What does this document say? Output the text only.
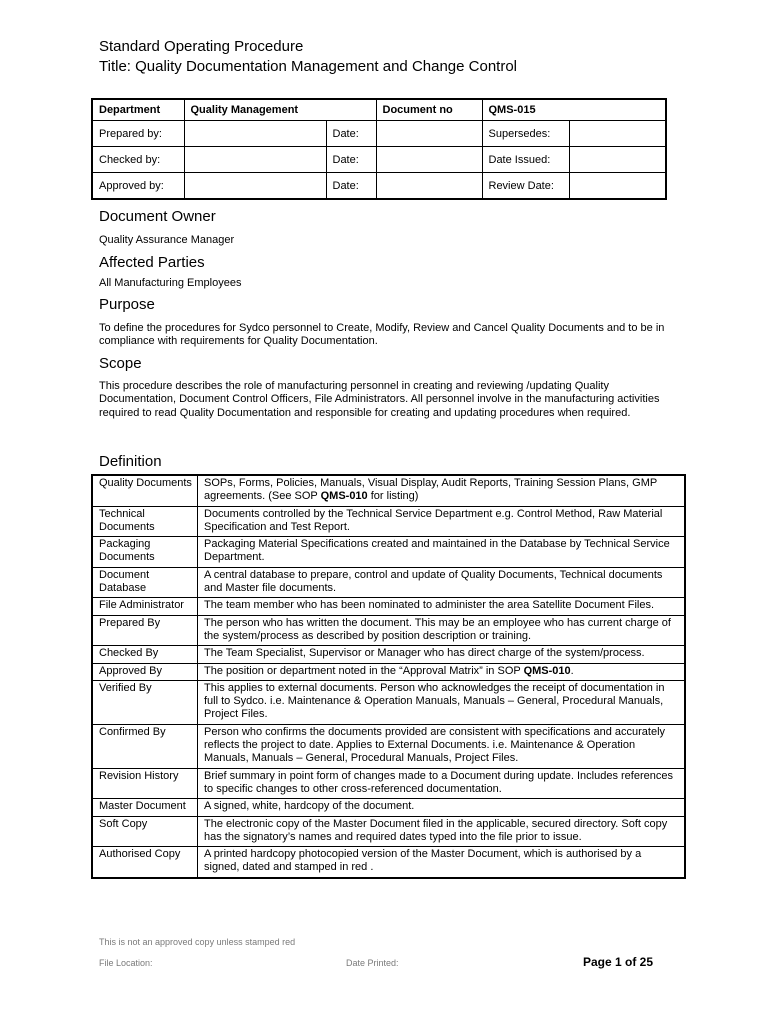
Standard Operating Procedure
Title: Quality Documentation Management and Change Control
Department	Quality Management		Document no	QMS-015	
Prepared by:		Date:		Supersedes:	
Checked by:		Date:		Date Issued:	
Approved by:		Date:		Review Date:	
Document Owner

Quality Assurance Manager

Affected Parties

All Manufacturing Employees

Purpose

To define the procedures for Sydco personnel to Create, Modify, Review and Cancel Quality Documents and to be in compliance with requirements for Quality Documentation.

Scope

This procedure describes the role of manufacturing personnel in creating and reviewing /updating Quality Documentation, Document Control Officers, File Administrators. All personnel involve in the manufacturing activities required to read Quality Documentation and responsible for creating and updating procedures when required.

Definition
Quality Documents	SOPs, Forms, Policies, Manuals, Visual Display, Audit Reports, Training Session Plans, GMP agreements. (See SOP QMS-010 for listing)
Technical Documents	Documents controlled by the Technical Service Department e.g. Control Method, Raw Material Specification and Test Report.
Packaging Documents	Packaging Material Specifications created and maintained in the Database by Technical Service Department.
Document Database	A central database to prepare, control and update of Quality Documents, Technical documents and Master file documents.
File Administrator	The team member who has been nominated to administer the area Satellite Document Files.
Prepared By	The person who has written the document. This may be an employee who has current charge of the system/process as described by position description or training.
Checked By	The Team Specialist, Supervisor or Manager who has direct charge of the system/process.
Approved By	The position or department noted in the “Approval Matrix” in SOP QMS-010.
Verified By	This applies to external documents. Person who acknowledges the receipt of documentation in full to Sydco. i.e. Maintenance & Operation Manuals, Manuals – General, Procedural Manuals, Project Files.
Confirmed By	Person who confirms the documents provided are consistent with specifications and accurately reflects the project to date. Applies to External Documents. i.e. Maintenance & Operation Manuals, Manuals – General, Procedural Manuals, Project Files.
Revision History	Brief summary in point form of changes made to a Document during update. Includes references to specific changes to other cross-referenced documentation.
Master Document	A signed, white, hardcopy of the document.
Soft Copy	The electronic copy of the Master Document filed in the applicable, secured directory. Soft copy has the signatory’s names and required dates typed into the file prior to issue.
Authorised Copy	A printed hardcopy photocopied version of the Master Document, which is authorised by a signed, dated and stamped in red .
This is not an approved copy unless stamped red
File Location:	Date Printed:	Page 1 of 25
